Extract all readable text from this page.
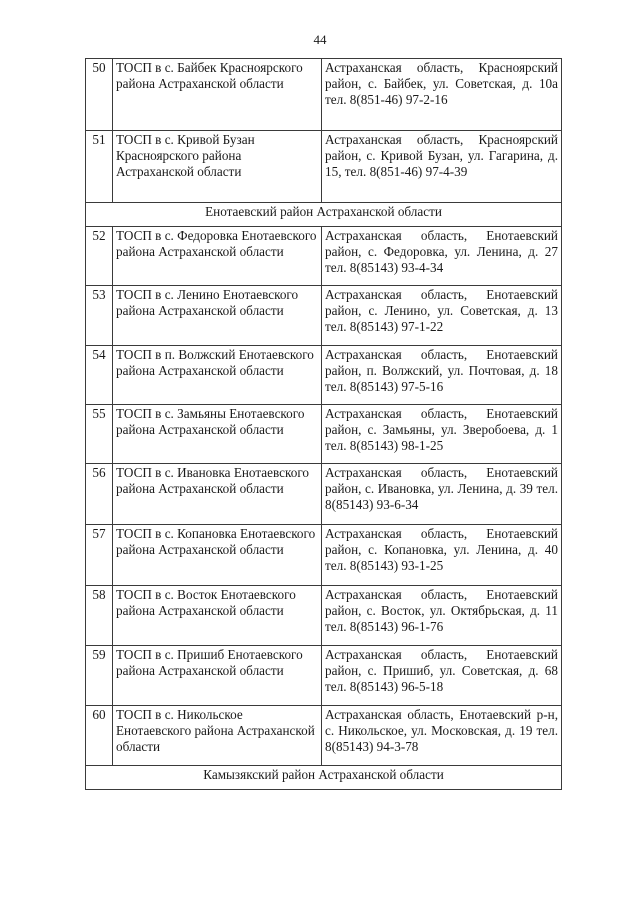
44
50	ТОСП в с. Байбек Красноярского района Астраханской области	Астраханская область, Красноярский район, с. Байбек, ул. Советская, д. 10а тел. 8(851-46) 97-2-16
51	ТОСП в с. Кривой Бузан Красноярского района Астраханской области	Астраханская область, Красноярский район, с. Кривой Бузан, ул. Гагарина, д. 15, тел. 8(851-46) 97-4-39
Енотаевский район Астраханской области		
52	ТОСП в с. Федоровка Енотаевского района Астраханской области	Астраханская область, Енотаевский район, с. Федоровка, ул. Ленина, д. 27 тел. 8(85143) 93-4-34
53	ТОСП в с. Ленино Енотаевского района Астраханской области	Астраханская область, Енотаевский район, с. Ленино, ул. Советская, д. 13 тел. 8(85143) 97-1-22
54	ТОСП в п. Волжский Енотаевского района Астраханской области	Астраханская область, Енотаевский район, п. Волжский, ул. Почтовая, д. 18 тел. 8(85143) 97-5-16
55	ТОСП в с. Замьяны Енотаевского района Астраханской области	Астраханская область, Енотаевский район, с. Замьяны, ул. Зверобоева, д. 1 тел. 8(85143) 98-1-25
56	ТОСП в с. Ивановка Енотаевского района Астраханской области	Астраханская область, Енотаевский район, с. Ивановка, ул. Ленина, д. 39 тел. 8(85143) 93-6-34
57	ТОСП в с. Копановка Енотаевского района Астраханской области	Астраханская область, Енотаевский район, с. Копановка, ул. Ленина, д. 40 тел. 8(85143) 93-1-25
58	ТОСП в с. Восток Енотаевского района Астраханской области	Астраханская область, Енотаевский район, с. Восток, ул. Октябрьская, д. 11 тел. 8(85143) 96-1-76
59	ТОСП в с. Пришиб Енотаевского района Астраханской области	Астраханская область, Енотаевский район, с. Пришиб, ул. Советская, д. 68 тел. 8(85143) 96-5-18
60	ТОСП в с. Никольское Енотаевского района Астраханской области	Астраханская область, Енотаевский р-н, с. Никольское, ул. Московская, д. 19 тел. 8(85143) 94-3-78
Камызякский район Астраханской области		
